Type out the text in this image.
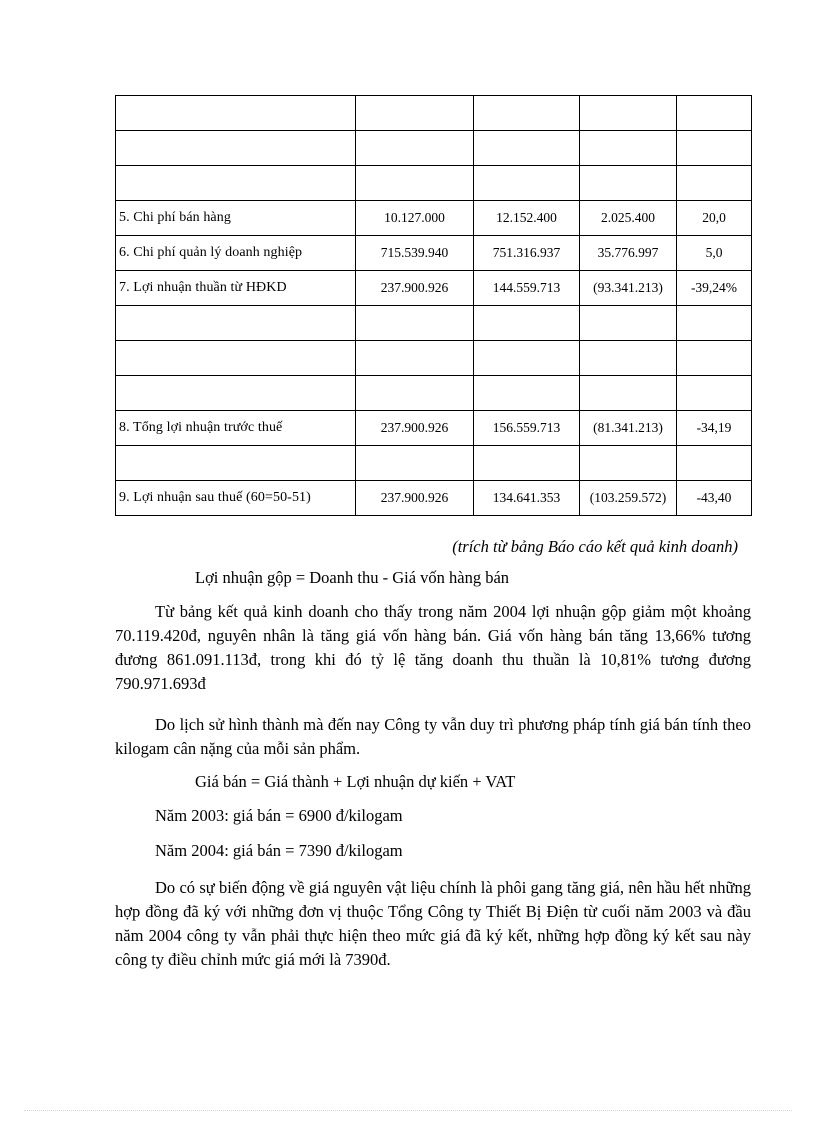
5. Chi phí bán hàng	10.127.000	12.152.400	2.025.400	20,0
6. Chi phí quản lý doanh nghiệp	715.539.940	751.316.937	35.776.997	5,0
7. Lợi nhuận thuần từ HĐKD	237.900.926	144.559.713	(93.341.213)	-39,24%

8. Tổng lợi nhuận trước thuế	237.900.926	156.559.713	(81.341.213)	-34,19

9. Lợi nhuận sau thuế (60=50-51)	237.900.926	134.641.353	(103.259.572)	-43,40
(trích từ bảng Báo cáo kết quả kinh doanh)

Lợi nhuận gộp = Doanh thu - Giá vốn hàng bán

Từ bảng kết quả kinh doanh cho thấy trong năm 2004 lợi nhuận gộp giảm một khoảng 70.119.420đ, nguyên nhân là tăng giá vốn hàng bán. Giá vốn hàng bán tăng 13,66% tương đương 861.091.113đ, trong khi đó tỷ lệ tăng doanh thu thuần là 10,81% tương đương 790.971.693đ

Do lịch sử hình thành mà đến nay Công ty vẫn duy trì phương pháp tính giá bán tính theo kilogam cân nặng của mỗi sản phẩm.

Giá bán = Giá thành + Lợi nhuận dự kiến + VAT

Năm 2003: giá bán = 6900 đ/kilogam

Năm 2004: giá bán = 7390 đ/kilogam

Do có sự biến động về giá nguyên vật liệu chính là phôi gang tăng giá, nên hầu hết những hợp đồng đã ký với những đơn vị thuộc Tổng Công ty Thiết Bị Điện từ cuối năm 2003 và đầu năm 2004 công ty vẫn phải thực hiện theo mức giá đã ký kết, những hợp đồng ký kết sau này công ty điều chỉnh mức giá mới là 7390đ.
